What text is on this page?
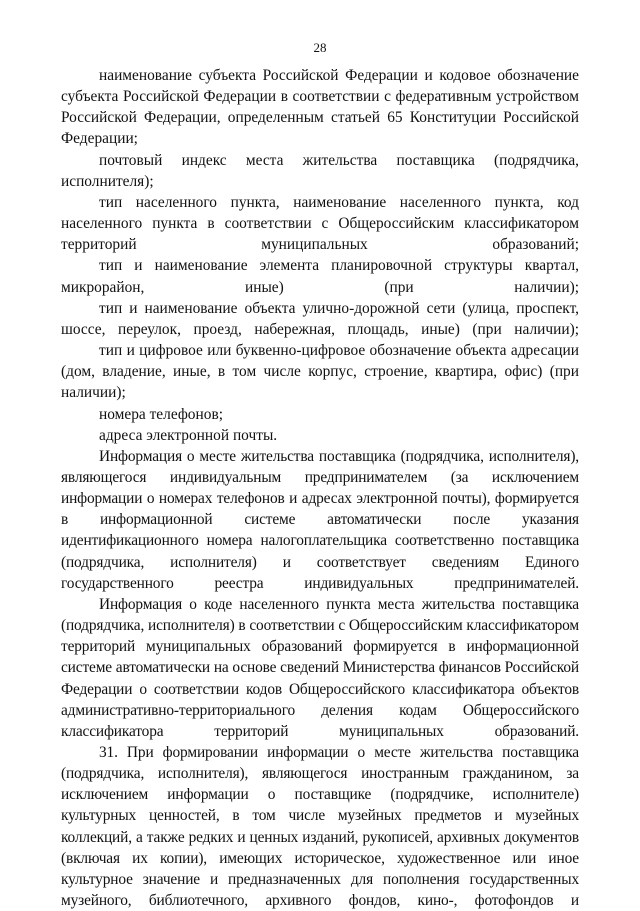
28
наименование субъекта Российской Федерации и кодовое обозначение субъекта Российской Федерации в соответствии с федеративным устройством Российской Федерации, определенным статьей 65 Конституции Российской Федерации;
почтовый индекс места жительства поставщика (подрядчика, исполнителя);
тип населенного пункта, наименование населенного пункта, код населенного пункта в соответствии с Общероссийским классификатором территорий муниципальных образований;
тип и наименование элемента планировочной структуры квартал, микрорайон, иные) (при наличии);
тип и наименование объекта улично-дорожной сети (улица, проспект, шоссе, переулок, проезд, набережная, площадь, иные) (при наличии);
тип и цифровое или буквенно-цифровое обозначение объекта адресации (дом, владение, иные, в том числе корпус, строение, квартира, офис) (при наличии);
номера телефонов;
адреса электронной почты.
Информация о месте жительства поставщика (подрядчика, исполнителя), являющегося индивидуальным предпринимателем (за исключением информации о номерах телефонов и адресах электронной почты), формируется в информационной системе автоматически после указания идентификационного номера налогоплательщика соответственно поставщика (подрядчика, исполнителя) и соответствует сведениям Единого государственного реестра индивидуальных предпринимателей.
Информация о коде населенного пункта места жительства поставщика (подрядчика, исполнителя) в соответствии с Общероссийским классификатором территорий муниципальных образований формируется в информационной системе автоматически на основе сведений Министерства финансов Российской Федерации о соответствии кодов Общероссийского классификатора объектов административно-территориального деления кодам Общероссийского классификатора территорий муниципальных образований.
31. При формировании информации о месте жительства поставщика (подрядчика, исполнителя), являющегося иностранным гражданином, за исключением информации о поставщике (подрядчике, исполнителе) культурных ценностей, в том числе музейных предметов и музейных коллекций, а также редких и ценных изданий, рукописей, архивных документов (включая их копии), имеющих историческое, художественное или иное культурное значение и предназначенных для пополнения государственных музейного, библиотечного, архивного фондов, кино-, фотофондов и
